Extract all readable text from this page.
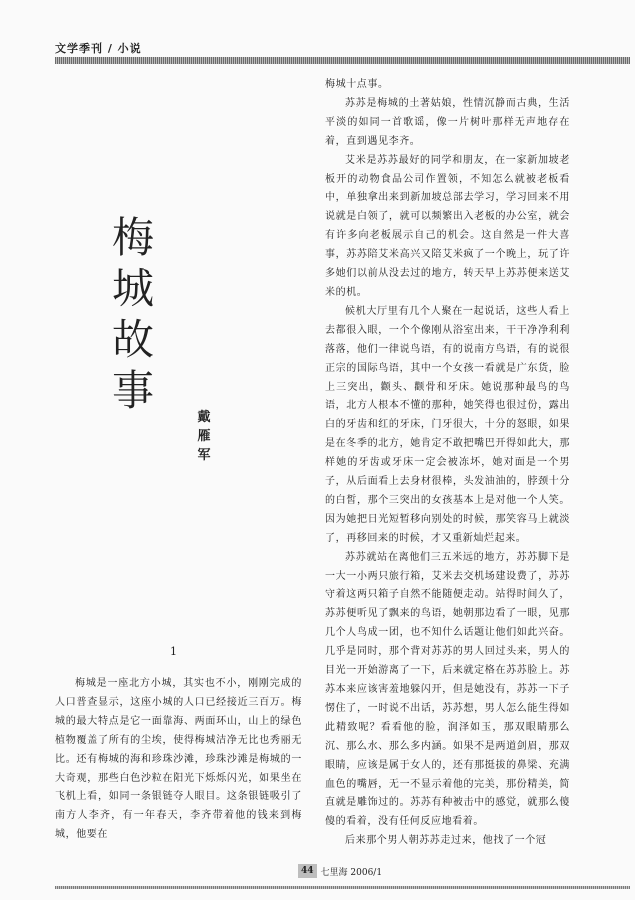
文学季刊 / 小说
梅
城
故
事
戴
雁
军
1

梅城是一座北方小城，其实也不小，刚刚完成的人口普查显示，这座小城的人口已经接近三百万。梅城的最大特点是它一面靠海、两面环山，山上的绿色植物覆盖了所有的尘埃，使得梅城洁净无比也秀丽无比。还有梅城的海和珍珠沙滩，珍珠沙滩是梅城的一大奇观，那些白色沙粒在阳光下烁烁闪光，如果坐在飞机上看，如同一条银链夺人眼目。这条银链吸引了南方人李齐，有一年春天，李齐带着他的钱来到梅城，他要在

梅城十点事。

苏苏是梅城的土著姑娘，性情沉静而古典，生活平淡的如同一首歌谣，像一片树叶那样无声地存在着，直到遇见李齐。

艾米是苏苏最好的同学和朋友，在一家新加坡老板开的动物食品公司作置领，不知怎么就被老板看中，单独拿出来到新加坡总部去学习，学习回来不用说就是白领了，就可以频繁出入老板的办公室，就会有许多向老板展示自己的机会。这自然是一件大喜事，苏苏陪艾米高兴又陪艾米疯了一个晚上，玩了许多她们以前从没去过的地方，转天早上苏苏便来送艾米的机。

候机大厅里有几个人聚在一起说话，这些人看上去都很入眼，一个个像刚从浴室出来，干干净净利利落落，他们一律说鸟语，有的说南方鸟语，有的说很正宗的国际鸟语，其中一个女孩一看就是广东货，脸上三突出，颧头、颧骨和牙床。她说那种最鸟的鸟语，北方人根本不懂的那种，她笑得也很过份，露出白的牙齿和红的牙床，门牙很大，十分的怒眼，如果是在冬季的北方，她肯定不敢把嘴巴开得如此大，那样她的牙齿或牙床一定会被冻坏，她对面是一个男子，从后面看上去身材很棒，头发油油的，脖颈十分的白皙，那个三突出的女孩基本上是对他一个人笑。因为她把日光短暂移向别处的时候，那笑容马上就淡了，再移回来的时候，才又重新灿烂起来。

苏苏就站在离他们三五米远的地方，苏苏脚下是一大一小两只旅行箱，艾米去交机场建设费了，苏苏守着这两只箱子自然不能随便走动。站得时间久了，苏苏便听见了飘来的鸟语，她朝那边看了一眼，见那几个人鸟成一团，也不知什么话题让他们如此兴奋。几乎是同时，那个背对苏苏的男人回过头来，男人的目光一开始游离了一下，后来就定格在苏苏脸上。苏苏本来应该害羞地躲闪开，但是她没有，苏苏一下子愣住了，一时说不出话，苏苏想，男人怎么能生得如此精致呢？看看他的脸，润泽如玉，那双眼睛那么沉、那么水、那么多内涵。如果不是两道剑眉，那双眼睛，应该是属于女人的，还有那挺拔的鼻梁、充满血色的嘴唇，无一不显示着他的完美，那份精美，简直就是雕饰过的。苏苏有种被击中的感觉，就那么傻傻的看着，没有任何反应地看着。

后来那个男人朝苏苏走过来，他找了一个冠

44 七里海 2006/1
